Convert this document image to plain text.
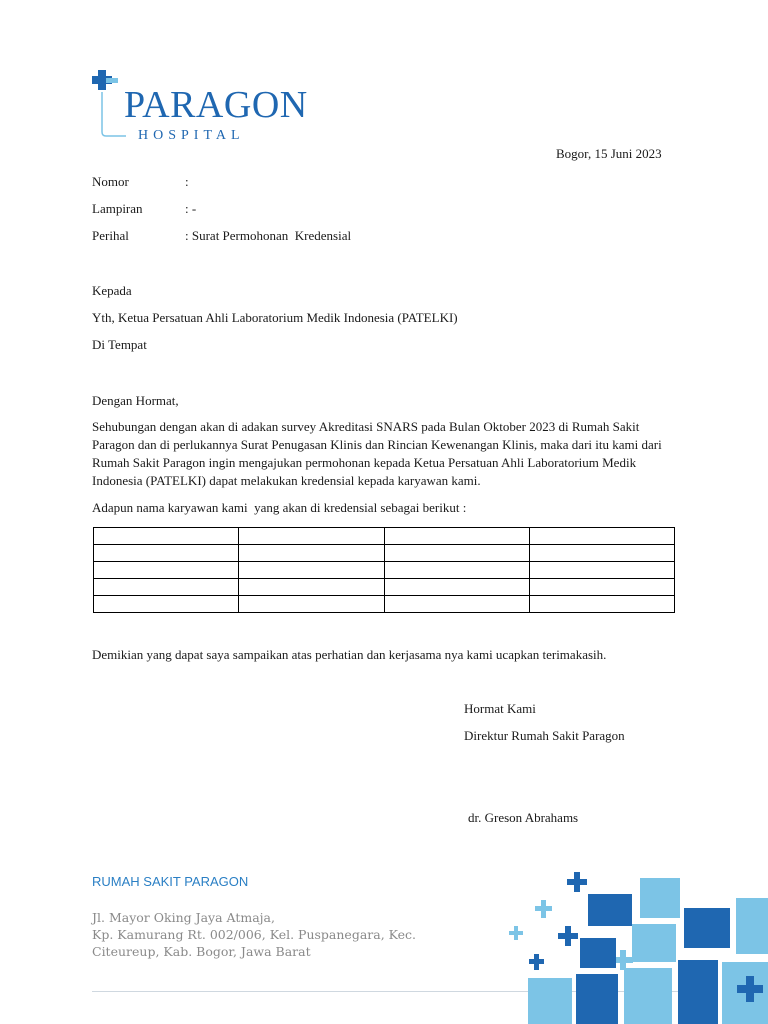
PARAGON
HOSPITAL
Bogor, 15 Juni 2023
Nomor	:
Lampiran	: -
Perihal	: Surat Permohonan  Kredensial
Kepada
Yth, Ketua Persatuan Ahli Laboratorium Medik Indonesia (PATELKI)
Di Tempat
Dengan Hormat,

Sehubungan dengan akan di adakan survey Akreditasi SNARS pada Bulan Oktober 2023 di Rumah Sakit Paragon dan di perlukannya Surat Penugasan Klinis dan Rincian Kewenangan Klinis, maka dari itu kami dari Rumah Sakit Paragon ingin mengajukan permohonan kepada Ketua Persatuan Ahli Laboratorium Medik Indonesia (PATELKI) dapat melakukan kredensial kepada karyawan kami.

Adapun nama karyawan kami  yang akan di kredensial sebagai berikut :

Demikian yang dapat saya sampaikan atas perhatian dan kerjasama nya kami ucapkan terimakasih.
Hormat Kami
Direktur Rumah Sakit Paragon
dr. Greson Abrahams
RUMAH SAKIT PARAGON
Jl. Mayor Oking Jaya Atmaja,
Kp. Kamurang Rt. 002/006, Kel. Puspanegara, Kec.
Citeureup, Kab. Bogor, Jawa Barat
